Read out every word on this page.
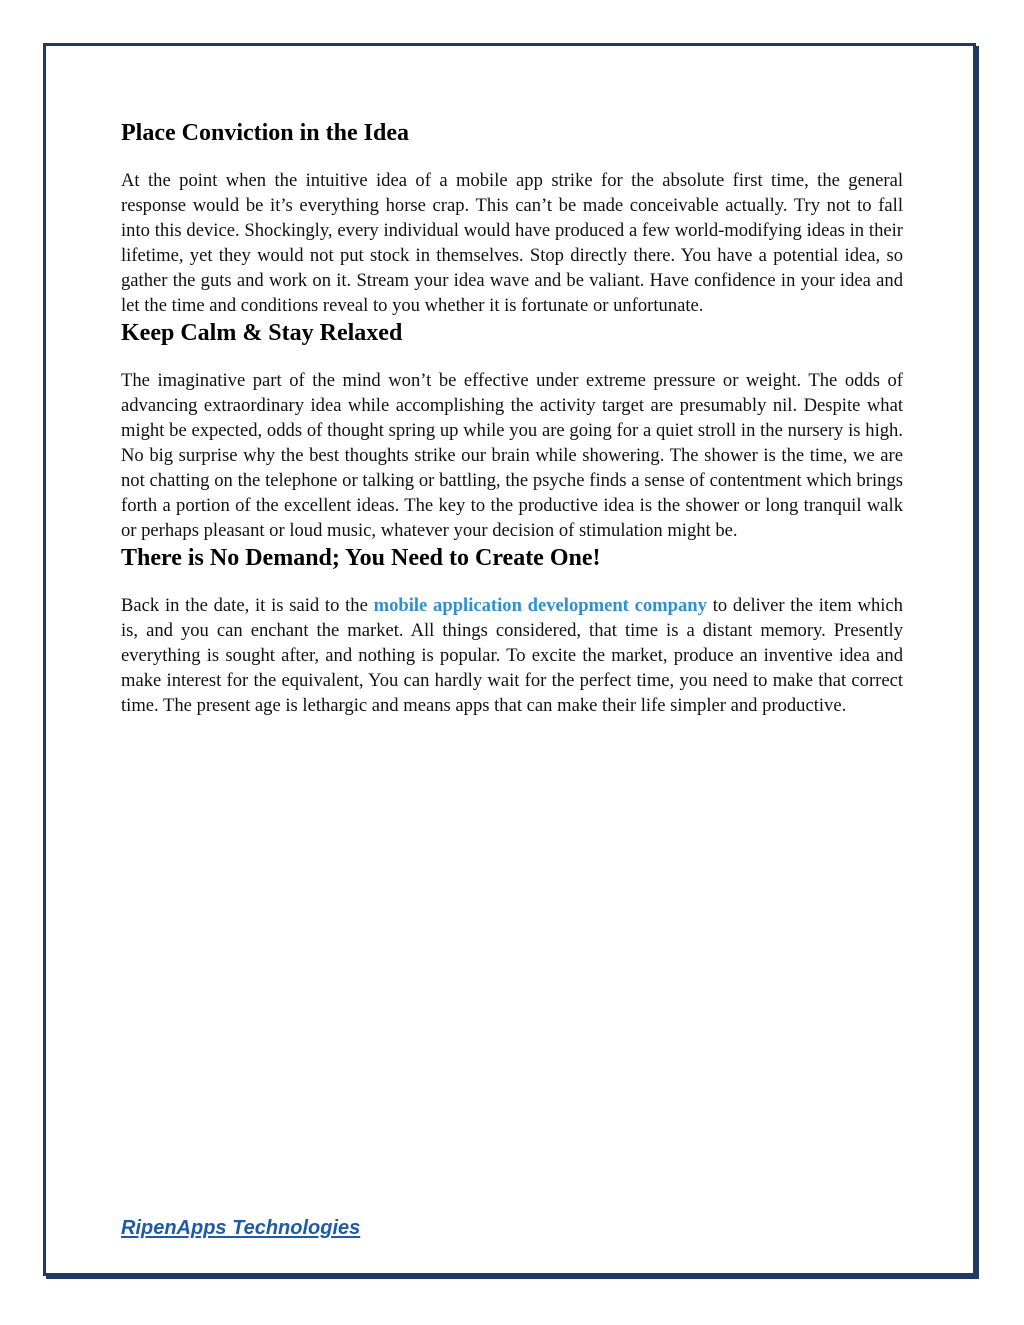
Place Conviction in the Idea

At the point when the intuitive idea of a mobile app strike for the absolute first time, the general response would be it’s everything horse crap. This can’t be made conceivable actually. Try not to fall into this device. Shockingly, every individual would have produced a few world-modifying ideas in their lifetime, yet they would not put stock in themselves. Stop directly there. You have a potential idea, so gather the guts and work on it. Stream your idea wave and be valiant. Have confidence in your idea and let the time and conditions reveal to you whether it is fortunate or unfortunate.

Keep Calm & Stay Relaxed

The imaginative part of the mind won’t be effective under extreme pressure or weight. The odds of advancing extraordinary idea while accomplishing the activity target are presumably nil. Despite what might be expected, odds of thought spring up while you are going for a quiet stroll in the nursery is high. No big surprise why the best thoughts strike our brain while showering. The shower is the time, we are not chatting on the telephone or talking or battling, the psyche finds a sense of contentment which brings forth a portion of the excellent ideas. The key to the productive idea is the shower or long tranquil walk or perhaps pleasant or loud music, whatever your decision of stimulation might be.

There is No Demand; You Need to Create One!

Back in the date, it is said to the mobile application development company to deliver the item which is, and you can enchant the market. All things considered, that time is a distant memory. Presently everything is sought after, and nothing is popular. To excite the market, produce an inventive idea and make interest for the equivalent, You can hardly wait for the perfect time, you need to make that correct time. The present age is lethargic and means apps that can make their life simpler and productive.

RipenApps Technologies
